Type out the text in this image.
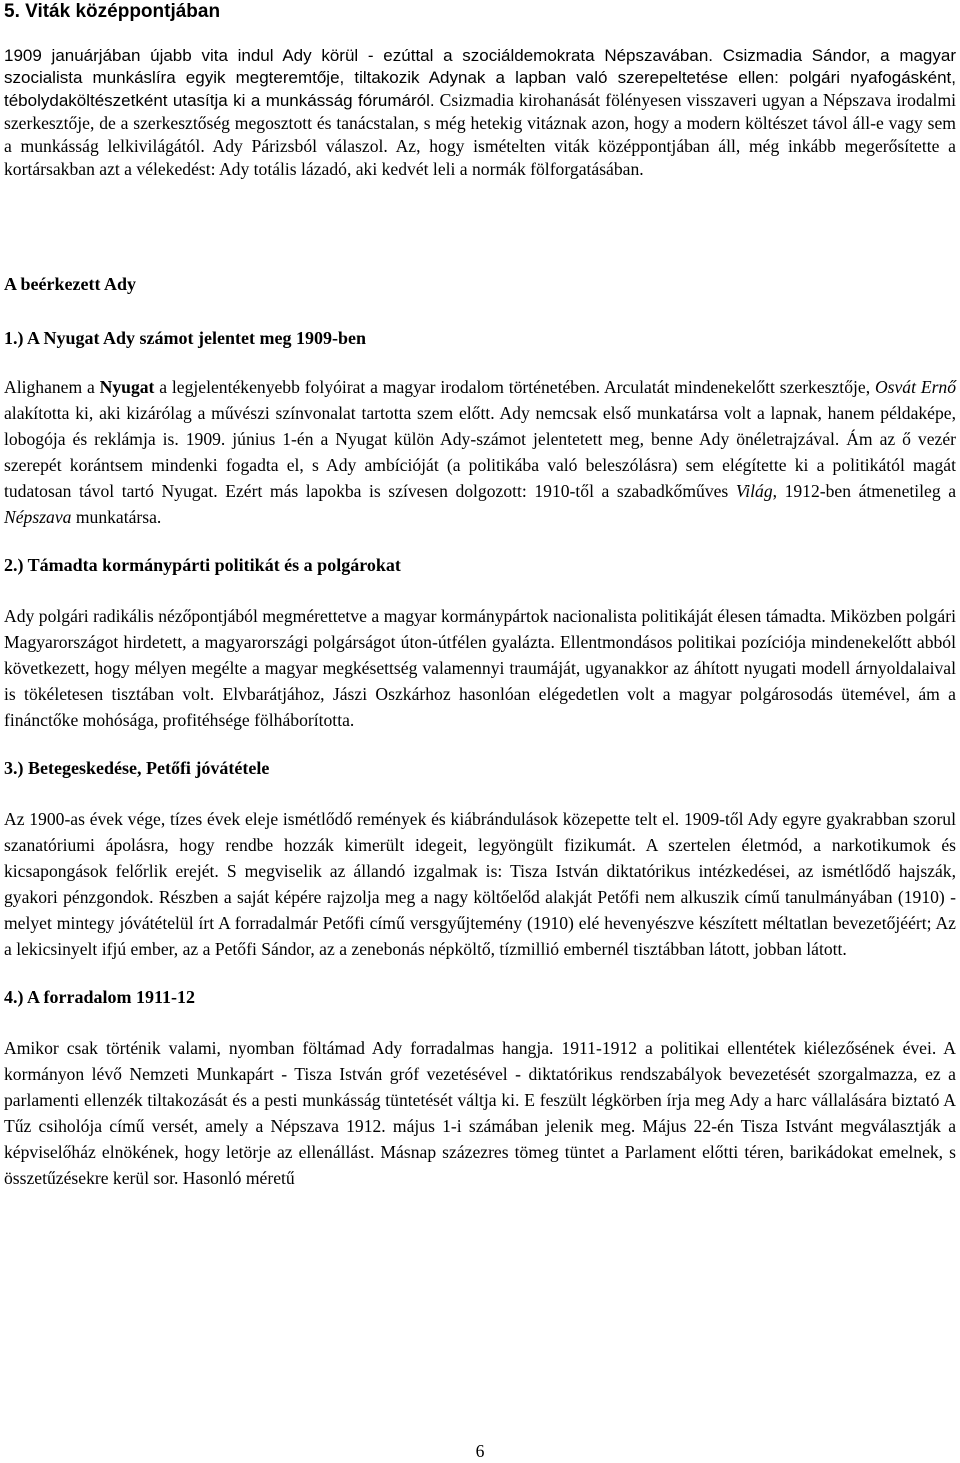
5. Viták középpontjában
1909 januárjában újabb vita indul Ady körül - ezúttal a szociáldemokrata Népszavában. Csizmadia Sándor, a magyar szocialista munkáslíra egyik megteremtője, tiltakozik Adynak a lapban való szerepeltetése ellen: polgári nyafogásként, tébolydaköltészetként utasítja ki a munkásság fórumáról. Csizmadia kirohanását fölényesen visszaveri ugyan a Népszava irodalmi szerkesztője, de a szerkesztőség megosztott és tanácstalan, s még hetekig vitáznak azon, hogy a modern költészet távol áll-e vagy sem a munkásság lelkivilágától. Ady Párizsból válaszol. Az, hogy ismételten viták középpontjában áll, még inkább megerősítette a kortársakban azt a vélekedést: Ady totális lázadó, aki kedvét leli a normák fölforgatásában.
A beérkezett Ady
1.) A Nyugat Ady számot jelentet meg 1909-ben
Alighanem a Nyugat a legjelentékenyebb folyóirat a magyar irodalom történetében. Arculatát mindenekelőtt szerkesztője, Osvát Ernő alakította ki, aki kizárólag a művészi színvonalat tartotta szem előtt. Ady nemcsak első munkatársa volt a lapnak, hanem példaképe, lobogója és reklámja is. 1909. június 1-én a Nyugat külön Ady-számot jelentetett meg, benne Ady önéletrajzával. Ám az ő vezér szerepét korántsem mindenki fogadta el, s Ady ambícióját (a politikába való beleszólásra) sem elégítette ki a politikától magát tudatosan távol tartó Nyugat. Ezért más lapokba is szívesen dolgozott: 1910-től a szabadkőműves Világ, 1912-ben átmenetileg a Népszava munkatársa.
2.) Támadta kormánypárti politikát és a polgárokat
Ady polgári radikális nézőpontjából megmérettetve a magyar kormánypártok nacionalista politikáját élesen támadta. Miközben polgári Magyarországot hirdetett, a magyarországi polgárságot úton-útfélen gyalázta. Ellentmondásos politikai pozíciója mindenekelőtt abból következett, hogy mélyen megélte a magyar megkésettség valamennyi traumáját, ugyanakkor az áhított nyugati modell árnyoldalaival is tökéletesen tisztában volt. Elvbarátjához, Jászi Oszkárhoz hasonlóan elégedetlen volt a magyar polgárosodás ütemével, ám a finánctőke mohósága, profitéhsége fölháborította.
3.) Betegeskedése, Petőfi jóvátétele
Az 1900-as évek vége, tízes évek eleje ismétlődő remények és kiábrándulások közepette telt el. 1909-től Ady egyre gyakrabban szorul szanatóriumi ápolásra, hogy rendbe hozzák kimerült idegeit, legyöngült fizikumát. A szertelen életmód, a narkotikumok és kicsapongások felőrlik erejét. S megviselik az állandó izgalmak is: Tisza István diktatórikus intézkedései, az ismétlődő hajszák, gyakori pénzgondok. Részben a saját képére rajzolja meg a nagy költőelőd alakját Petőfi nem alkuszik című tanulmányában (1910) - melyet mintegy jóvátételül írt A forradalmár Petőfi című versgyűjtemény (1910) elé hevenyészve készített méltatlan bevezetőjéért; Az a lekicsinyelt ifjú ember, az a Petőfi Sándor, az a zenebonás népköltő, tízmillió embernél tisztábban látott, jobban látott.
4.) A forradalom 1911-12
Amikor csak történik valami, nyomban föltámad Ady forradalmas hangja. 1911-1912 a politikai ellentétek kiélezősének évei. A kormányon lévő Nemzeti Munkapárt - Tisza István gróf vezetésével - diktatórikus rendszabályok bevezetését szorgalmazza, ez a parlamenti ellenzék tiltakozását és a pesti munkásság tüntetését váltja ki. E feszült légkörben írja meg Ady a harc vállalására biztató A Tűz csiholója című versét, amely a Népszava 1912. május 1-i számában jelenik meg. Május 22-én Tisza Istvánt megválasztják a képviselőház elnökének, hogy letörje az ellenállást. Másnap százezres tömeg tüntet a Parlament előtti téren, barikádokat emelnek, s összetűzésekre kerül sor. Hasonló méretű
6
